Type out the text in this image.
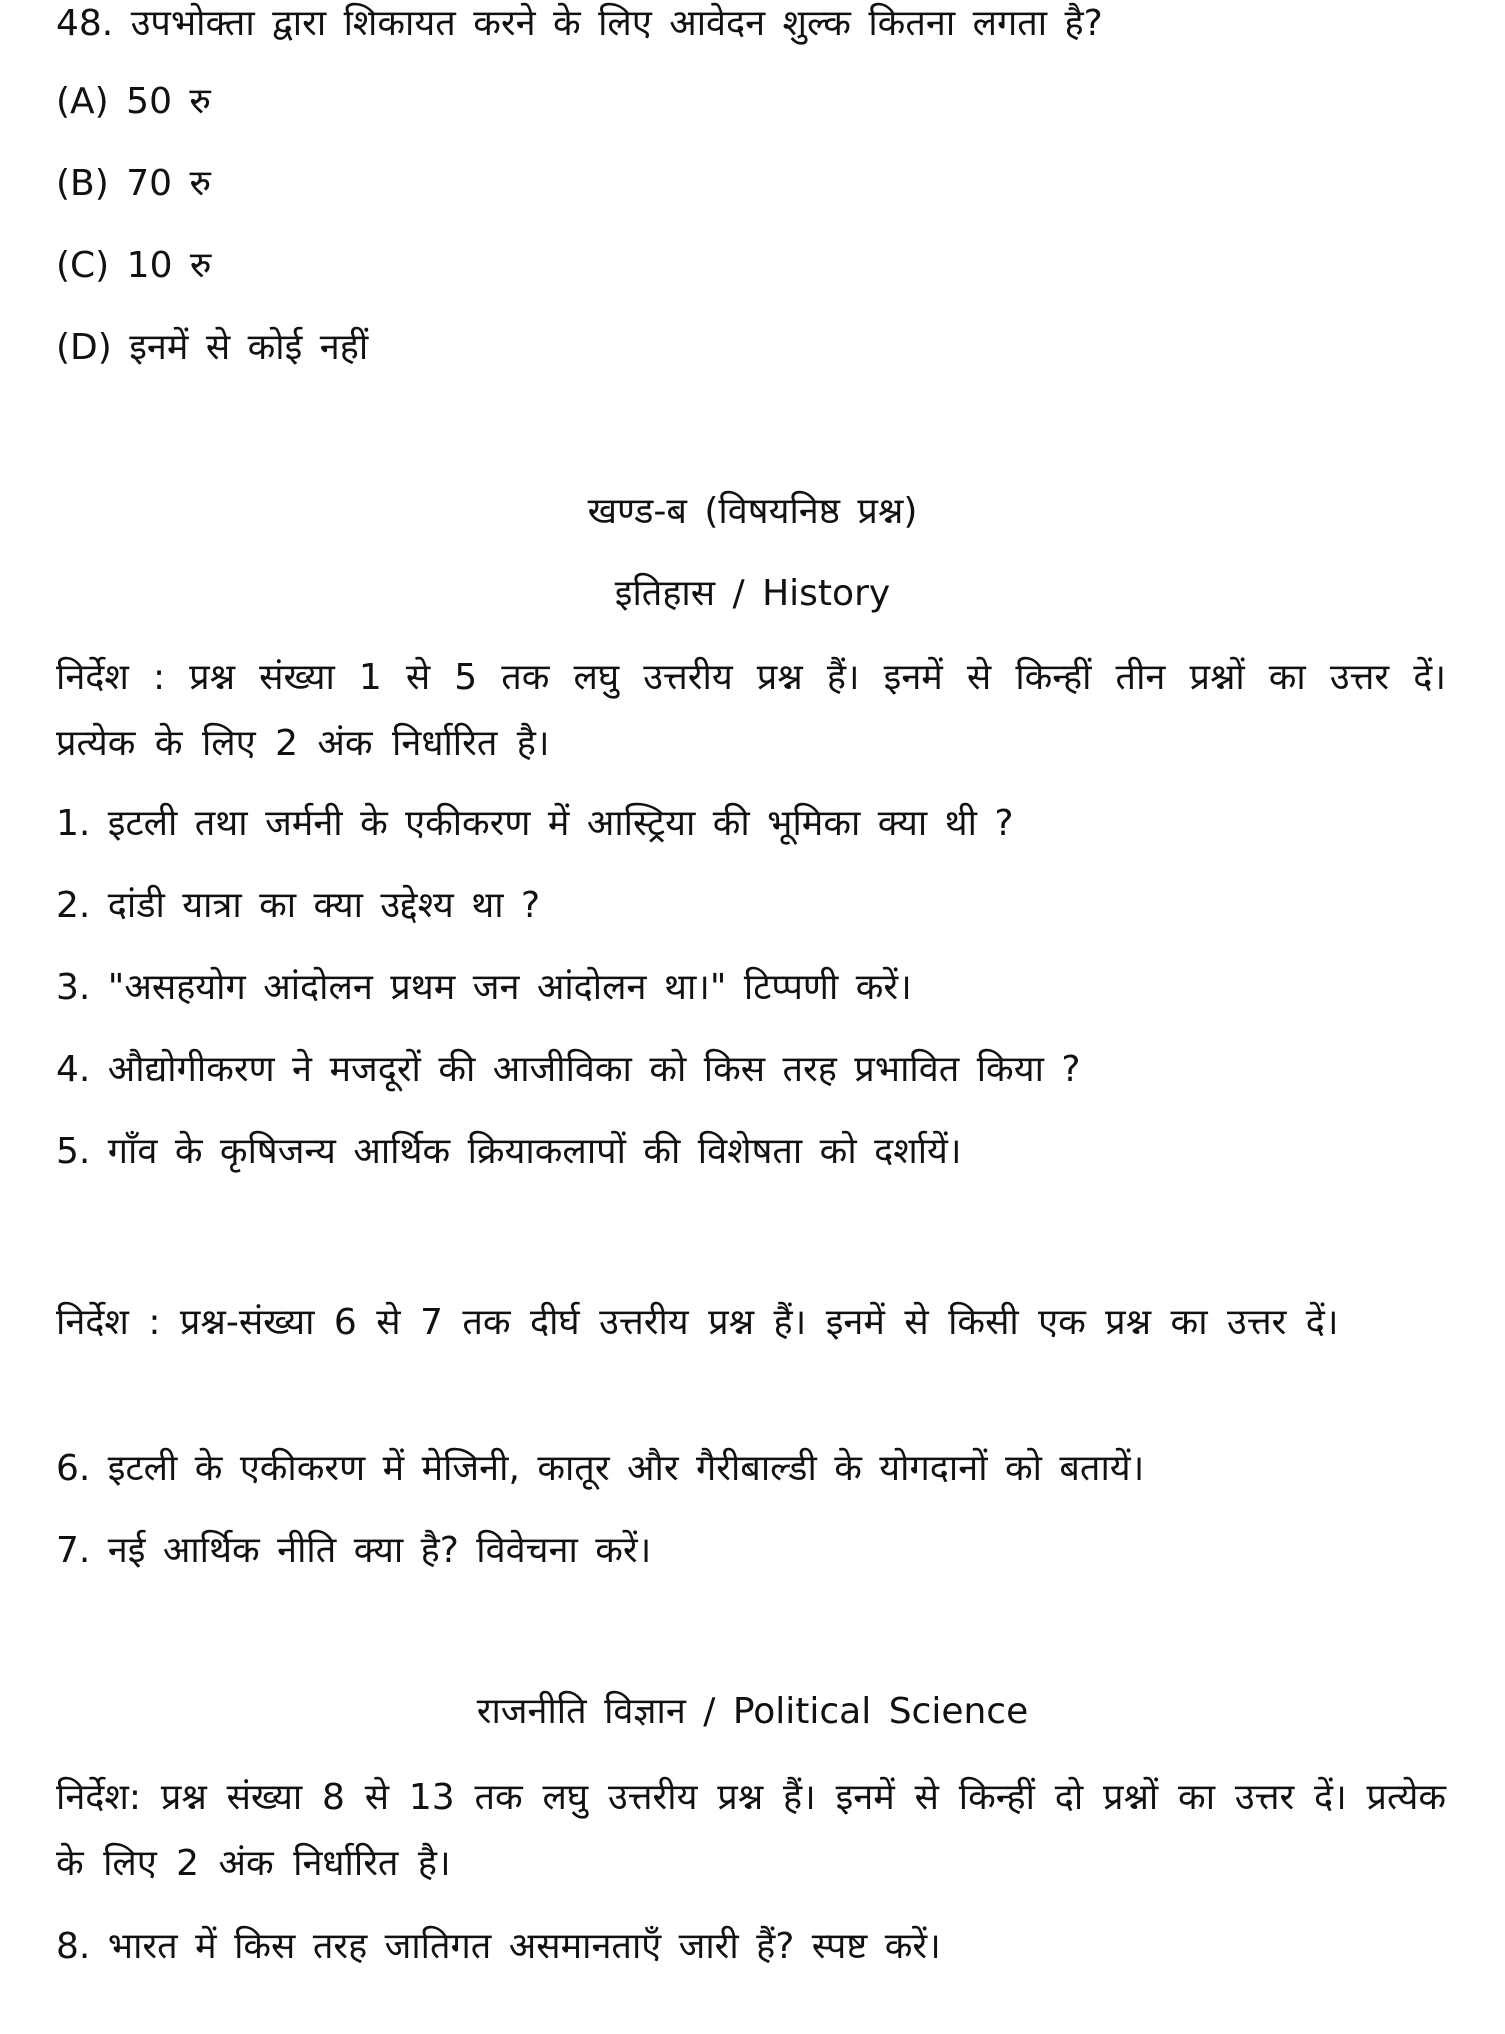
48. उपभोक्ता द्वारा शिकायत करने के लिए आवेदन शुल्क कितना लगता है?
(A) 50 रु
(B) 70 रु
(C) 10 रु
(D) इनमें से कोई नहीं
खण्ड-ब (विषयनिष्ठ प्रश्न)
इतिहास / History
निर्देश : प्रश्न संख्या 1 से 5 तक लघु उत्तरीय प्रश्न हैं। इनमें से किन्हीं तीन प्रश्नों का उत्तर दें। प्रत्येक के लिए 2 अंक निर्धारित है।
1. इटली तथा जर्मनी के एकीकरण में आस्ट्रिया की भूमिका क्या थी ?
2. दांडी यात्रा का क्या उद्देश्य था ?
3. "असहयोग आंदोलन प्रथम जन आंदोलन था।" टिप्पणी करें।
4. औद्योगीकरण ने मजदूरों की आजीविका को किस तरह प्रभावित किया ?
5. गाँव के कृषिजन्य आर्थिक क्रियाकलापों की विशेषता को दर्शायें।
निर्देश : प्रश्न-संख्या 6 से 7 तक दीर्घ उत्तरीय प्रश्न हैं। इनमें से किसी एक प्रश्न का उत्तर दें।
6. इटली के एकीकरण में मेजिनी, कातूर और गैरीबाल्डी के योगदानों को बतायें।
7. नई आर्थिक नीति क्या है? विवेचना करें।
राजनीति विज्ञान / Political Science
निर्देश: प्रश्न संख्या 8 से 13 तक लघु उत्तरीय प्रश्न हैं। इनमें से किन्हीं दो प्रश्नों का उत्तर दें। प्रत्येक के लिए 2 अंक निर्धारित है।
8. भारत में किस तरह जातिगत असमानताएँ जारी हैं? स्पष्ट करें।
